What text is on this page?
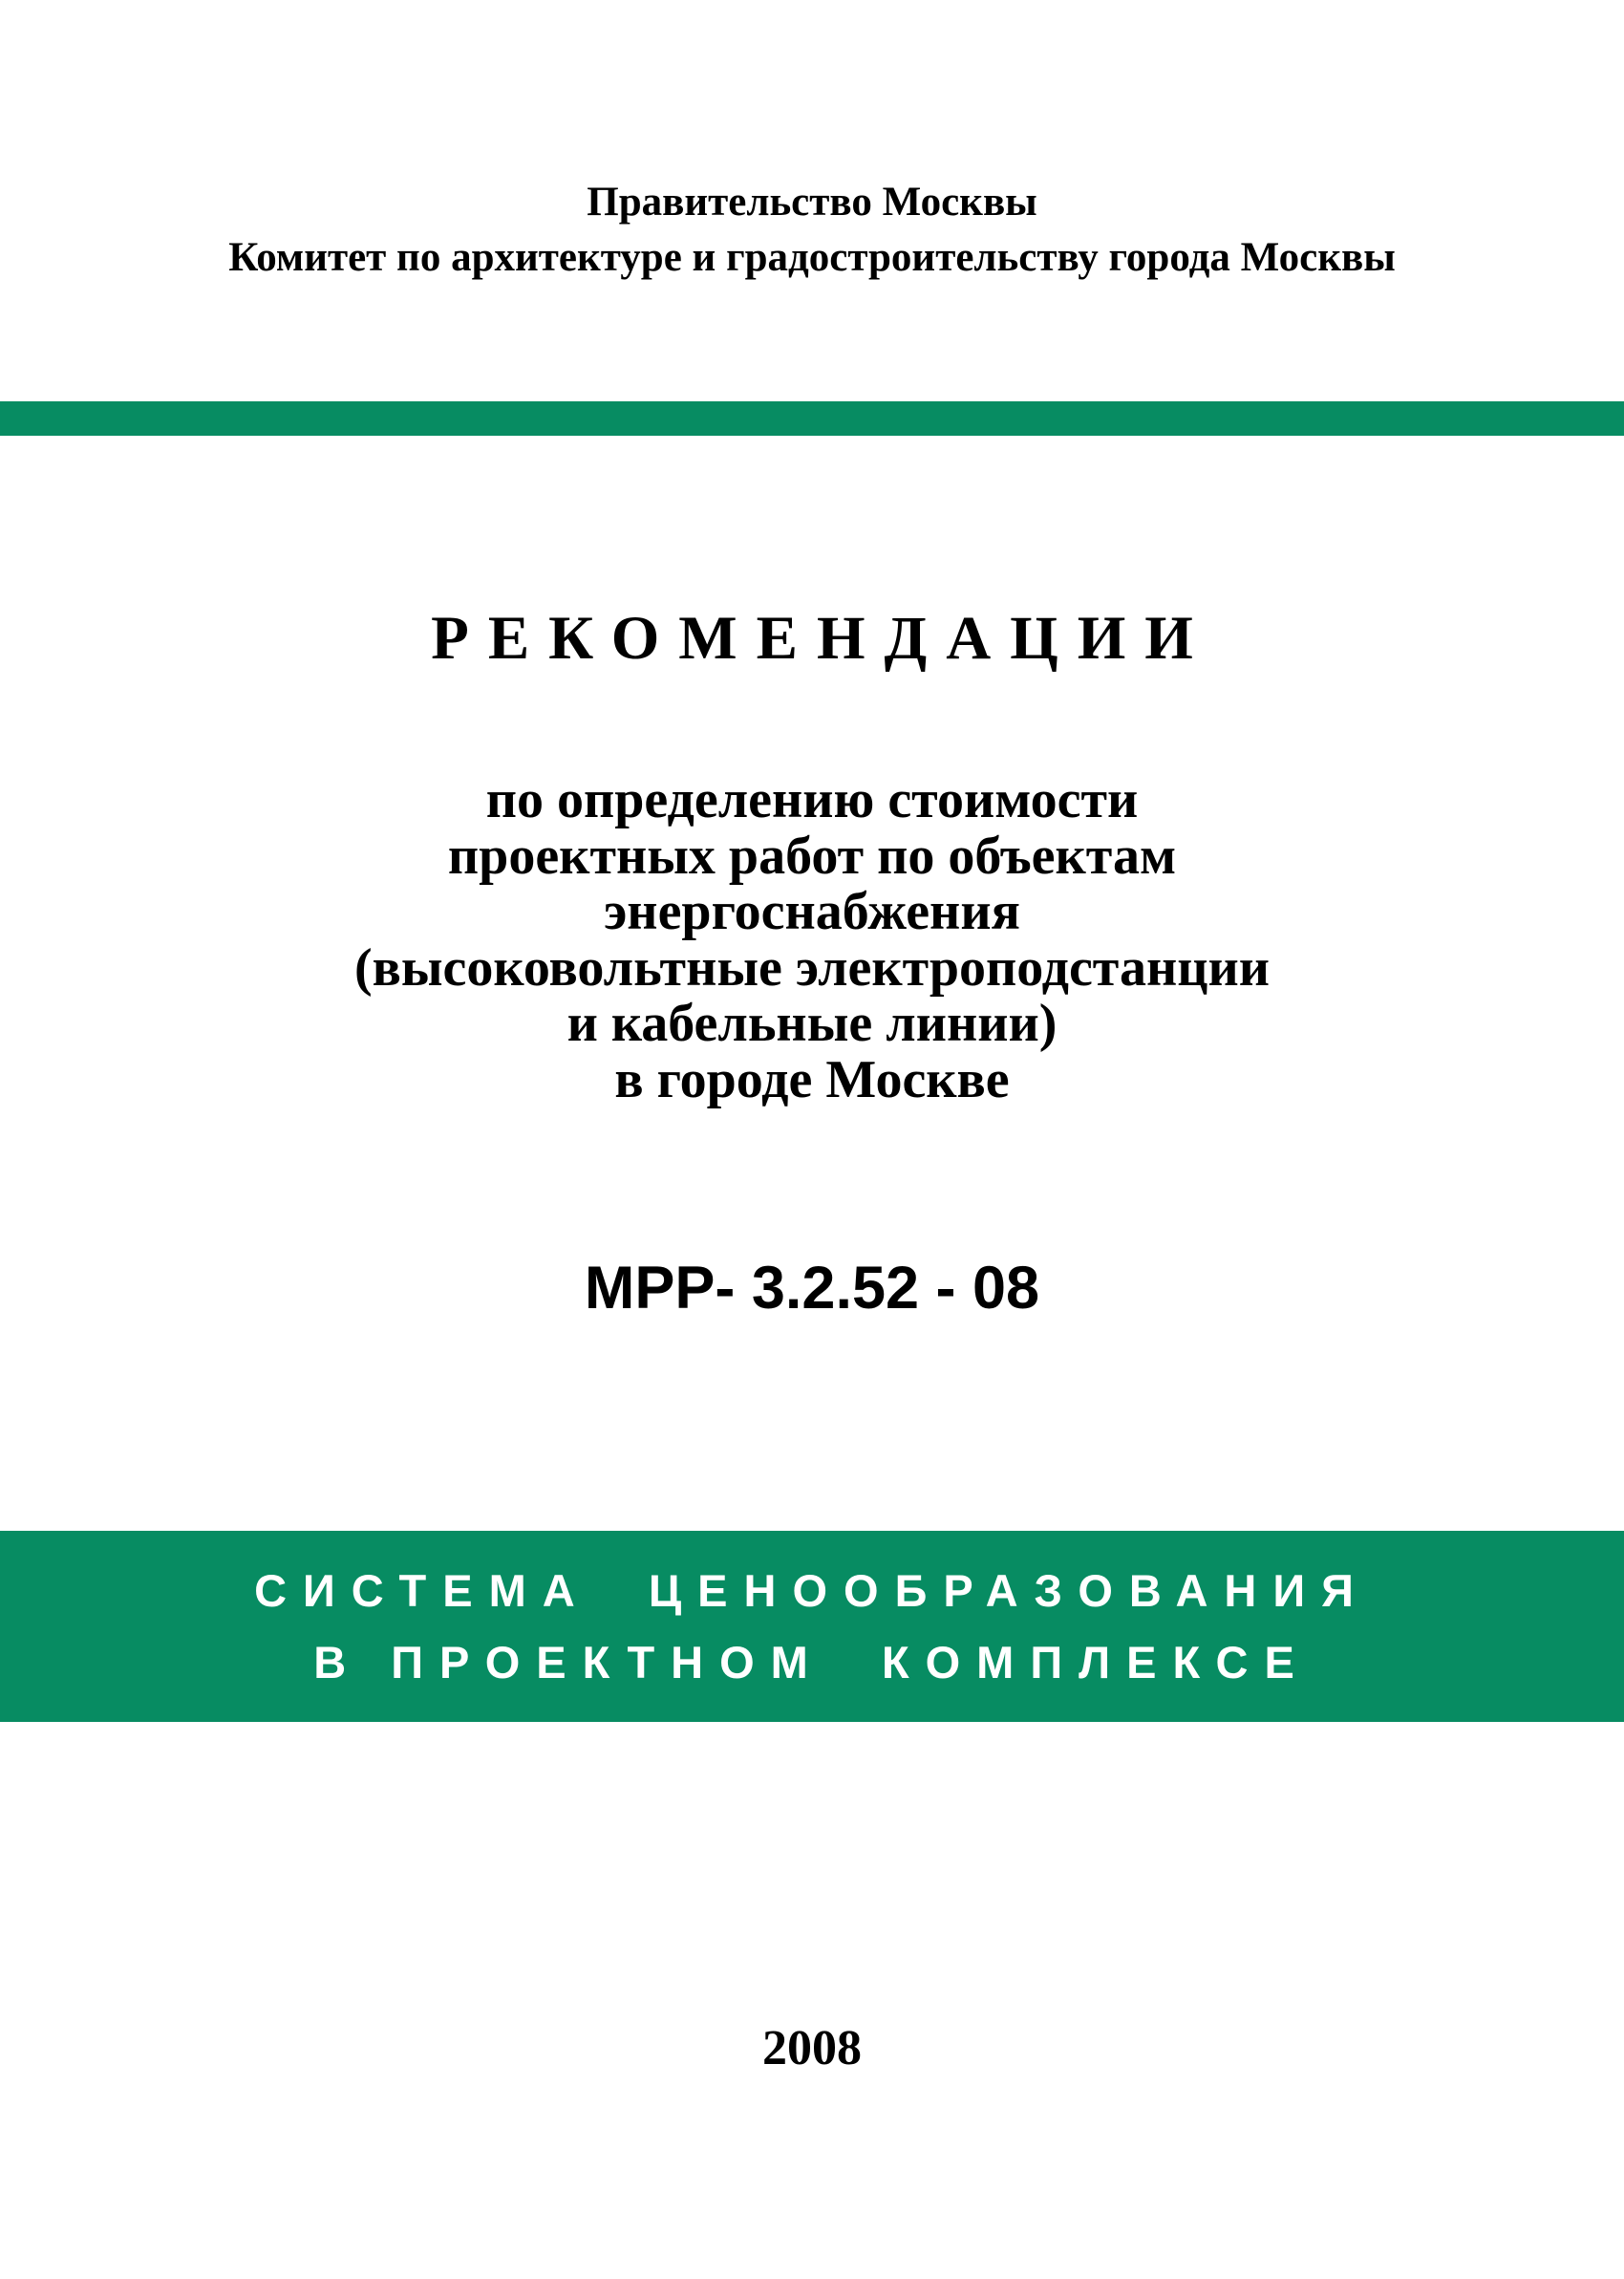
Правительство Москвы
Комитет по архитектуре и градостроительству города Москвы
РЕКОМЕНДАЦИИ
по определению стоимости
проектных работ по объектам
энергоснабжения
(высоковольтные электроподстанции
и кабельные линии)
в городе Москве
МРР- 3.2.52 - 08
СИСТЕМА  ЦЕНООБРАЗОВАНИЯ
В ПРОЕКТНОМ  КОМПЛЕКСЕ
2008
